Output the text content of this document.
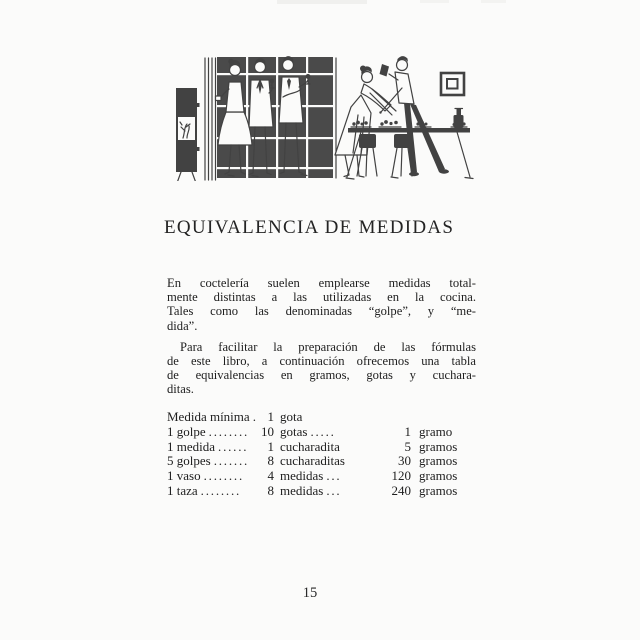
EQUIVALENCIA DE MEDIDAS

En coctelería suelen emplearse medidas total-
mente distintas a las utilizadas en la cocina.
Tales como las denominadas “golpe”, y “me-
dida”.

Para facilitar la preparación de las fórmulas
de este libro, a continuación ofrecemos una tabla
de equivalencias en gramos, gotas y cuchara-
ditas.

Medida mínima . 1 gota
1 golpe ........ 10 gotas .....	1 gramo
1 medida ......	1 cucharadita	5 gramos
5 golpes .......	8 cucharaditas	30 gramos
1 vaso ........	4 medidas ...	120 gramos
1 taza ........	8 medidas ...	240 gramos
15
